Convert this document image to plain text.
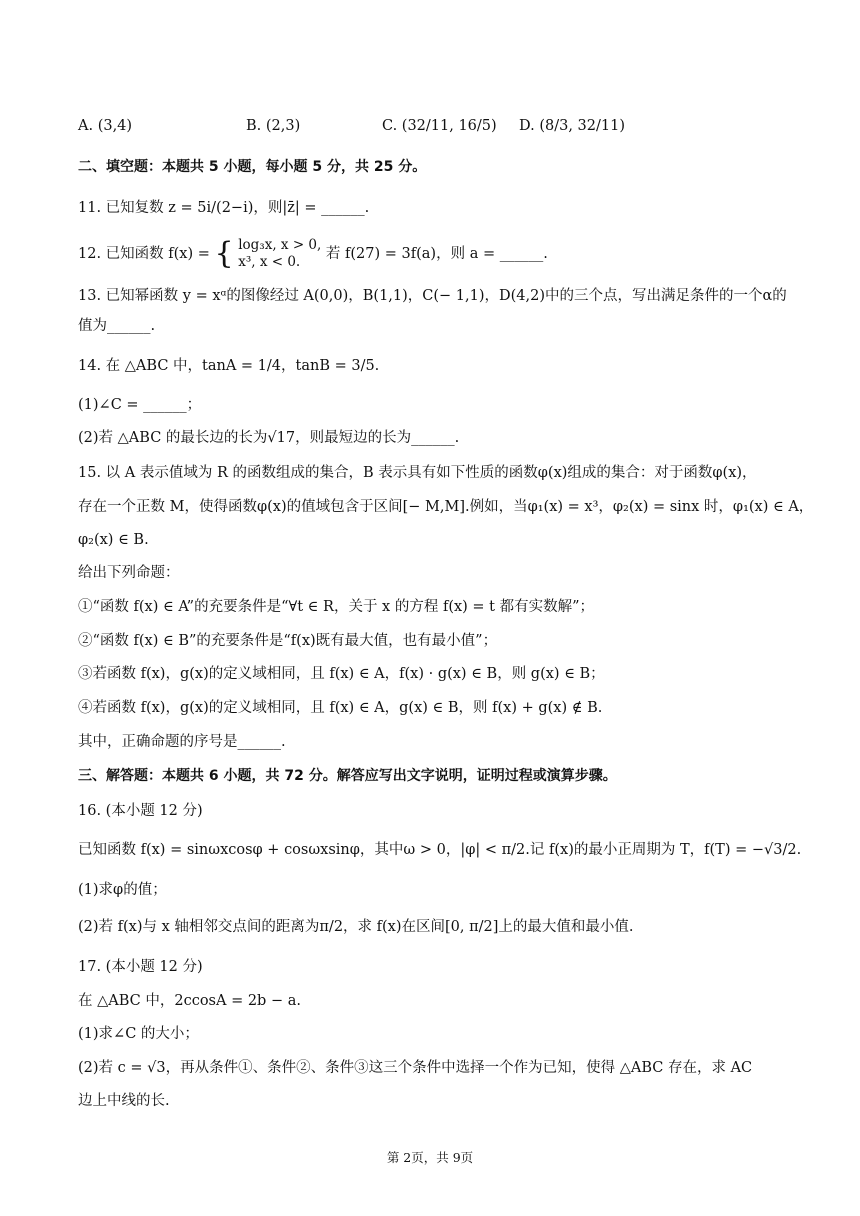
A. (3,4)	B. (2,3)	C. (32/11, 16/5) D. (8/3, 32/11)
二、填空题：本题共 5 小题，每小题 5 分，共 25 分。
11. 已知复数 z = 5i/(2−i)，则|z̄| = ______.
12. 已知函数 f(x) = { log₃x, x > 0,
x³, x < 0.	若 f(27) = 3f(a)，则 a = ______.
13. 已知幂函数 y = xᵅ的图像经过 A(0,0)，B(1,1)，C(− 1,1)，D(4,2)中的三个点，写出满足条件的一个α的
值为______.
14. 在 △ABC 中，tanA = 1/4，tanB = 3/5.
(1)∠C = ______；
(2)若 △ABC 的最长边的长为√17，则最短边的长为______.
15. 以 A 表示值域为 R 的函数组成的集合，B 表示具有如下性质的函数φ(x)组成的集合：对于函数φ(x)，
存在一个正数 M，使得函数φ(x)的值域包含于区间[− M,M].例如，当φ₁(x) = x³，φ₂(x) = sinx 时，φ₁(x) ∈ A，
φ₂(x) ∈ B.
给出下列命题：
①“函数 f(x) ∈ A”的充要条件是“∀t ∈ R，关于 x 的方程 f(x) = t 都有实数解”；
②“函数 f(x) ∈ B”的充要条件是“f(x)既有最大值，也有最小值”；
③若函数 f(x)，g(x)的定义域相同，且 f(x) ∈ A，f(x) · g(x) ∈ B，则 g(x) ∈ B；
④若函数 f(x)，g(x)的定义域相同，且 f(x) ∈ A，g(x) ∈ B，则 f(x) + g(x) ∉ B.
其中，正确命题的序号是______.
三、解答题：本题共 6 小题，共 72 分。解答应写出文字说明，证明过程或演算步骤。
16. (本小题 12 分)
已知函数 f(x) = sinωxcosφ + cosωxsinφ，其中ω > 0，|φ| < π/2.记 f(x)的最小正周期为 T，f(T) = −√3/2.
(1)求φ的值；
(2)若 f(x)与 x 轴相邻交点间的距离为π/2，求 f(x)在区间[0, π/2]上的最大值和最小值.
17. (本小题 12 分)
在 △ABC 中，2ccosA = 2b − a.
(1)求∠C 的大小；
(2)若 c = √3，再从条件①、条件②、条件③这三个条件中选择一个作为已知，使得 △ABC 存在，求 AC
边上中线的长.
第 2页，共 9页
